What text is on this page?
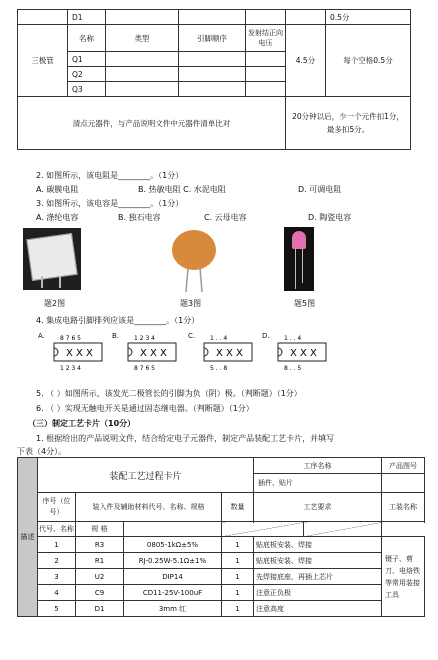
	D1					0.5分
三极管	名称	类型	引脚顺序	发射结正向电压	4.5分	每个空格0.5分
	Q1					
	Q2					
	Q3					
清点元器件，与产品说明文件中元器件清单比对					20分钟以后，少一个元件扣1分，最多扣5分。	
2. 如图所示，该电阻是________。（1分）
A. 碳膜电阻	B. 热敏电阻 C. 水泥电阻	D. 可调电阻
3. 如图所示，该电容是________。（1分）
A. 涤纶电容	B. 独石电容	C. 云母电容	D. 陶瓷电容
题2图	题3图	题5图
4. 集成电路引脚排列应该是________。（1分）
A.
X X X
8 7 6 5
1 2 3 4
B.
X X X
1 2 3 4
8 7 6 5
C.
X X X
1 . . 4
5 . . 8
D.
X X X
1 . . 4
8 . . 5
5. （ ）如图所示，该发光二极管长的引脚为负（阴）极。（判断题）（1分）
6. （ ）实现无触电开关是通过固态继电器。（判断题）（1分）
（三）制定工艺卡片（10分）
1. 根据给出的产品说明文件，结合给定电子元器件，制定产品装配工艺卡片，并填写
下表（4分）。
描述	装配工艺过程卡片				工序名称		产品图号
					插件、贴片		
	序号（位号）	装入件及辅助材料代号、名称、规格		数量	工艺要求		工装名称

	代号、名称	规 格					
	1	R3	0805-1kΩ±5%	1	贴底板安装、焊接		镊子、剪刀、电烙铁等常用装接工具
	2	R1	RJ-0.25W-5.1Ω±1%	1	贴底板安装、焊接		
	3	U2	DIP14	1	先焊接底座，再插上芯片		
	4	C9	CD11-25V-100uF	1	注意正负极		
	5	D1	3mm 红	1	注意高度		
